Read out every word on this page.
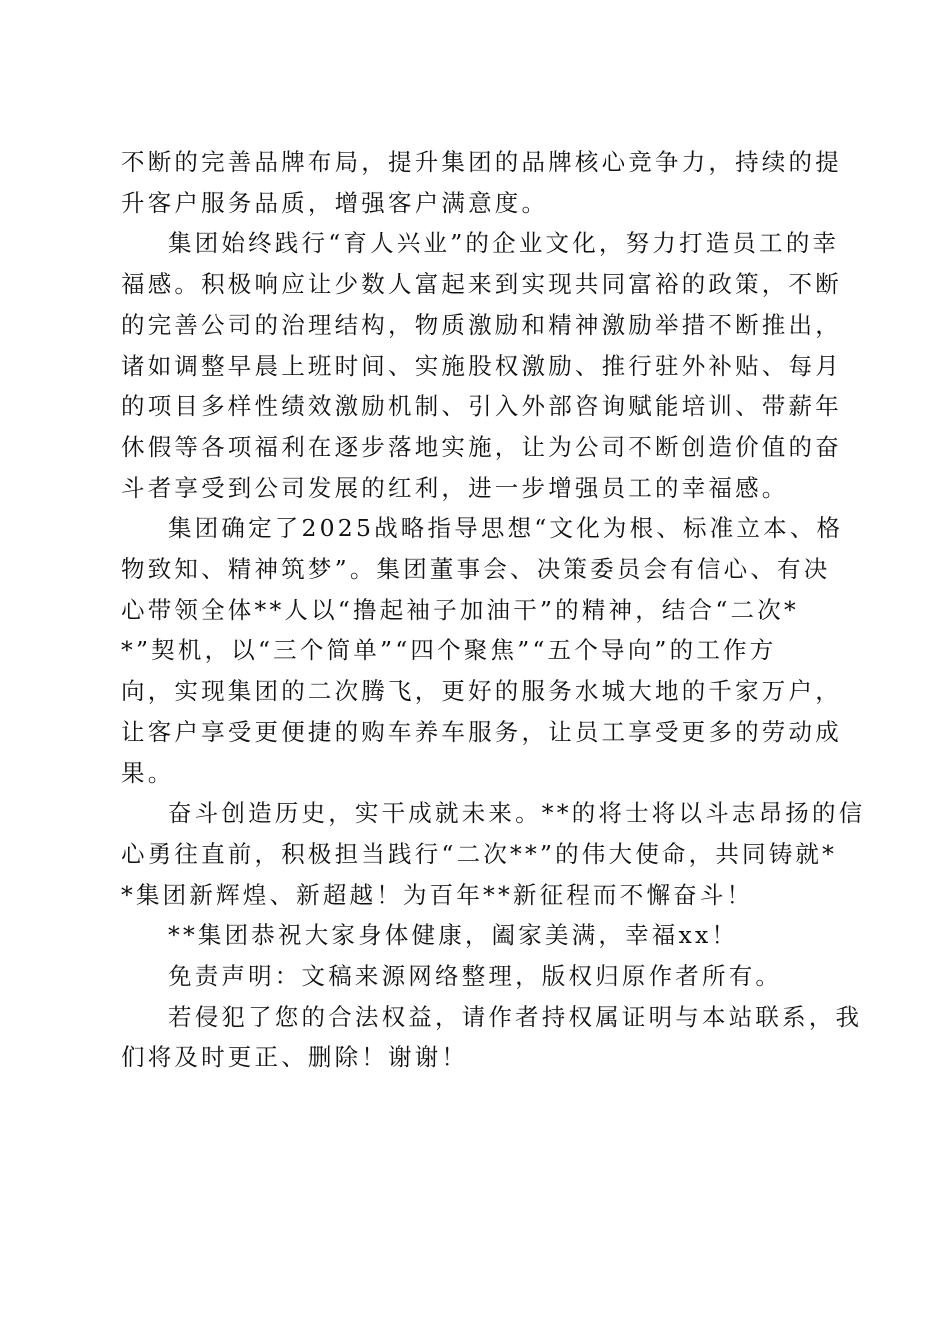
不断的完善品牌布局，提升集团的品牌核心竞争力，持续的提
升客户服务品质，增强客户满意度。

集团始终践行“育人兴业”的企业文化，努力打造员工的幸
福感。积极响应让少数人富起来到实现共同富裕的政策，不断
的完善公司的治理结构，物质激励和精神激励举措不断推出，
诸如调整早晨上班时间、实施股权激励、推行驻外补贴、每月
的项目多样性绩效激励机制、引入外部咨询赋能培训、带薪年
休假等各项福利在逐步落地实施，让为公司不断创造价值的奋
斗者享受到公司发展的红利，进一步增强员工的幸福感。

集团确定了2025战略指导思想“文化为根、标准立本、格
物致知、精神筑梦”。集团董事会、决策委员会有信心、有决
心带领全体**人以“撸起袖子加油干”的精神，结合“二次*
*”契机，以“三个简单”“四个聚焦”“五个导向”的工作方
向，实现集团的二次腾飞，更好的服务水城大地的千家万户，
让客户享受更便捷的购车养车服务，让员工享受更多的劳动成
果。

奋斗创造历史，实干成就未来。**的将士将以斗志昂扬的信
心勇往直前，积极担当践行“二次**”的伟大使命，共同铸就*
*集团新辉煌、新超越！为百年**新征程而不懈奋斗！

**集团恭祝大家身体健康，阖家美满，幸福xx！

免责声明：文稿来源网络整理，版权归原作者所有。

若侵犯了您的合法权益，请作者持权属证明与本站联系，我
们将及时更正、删除！谢谢！
